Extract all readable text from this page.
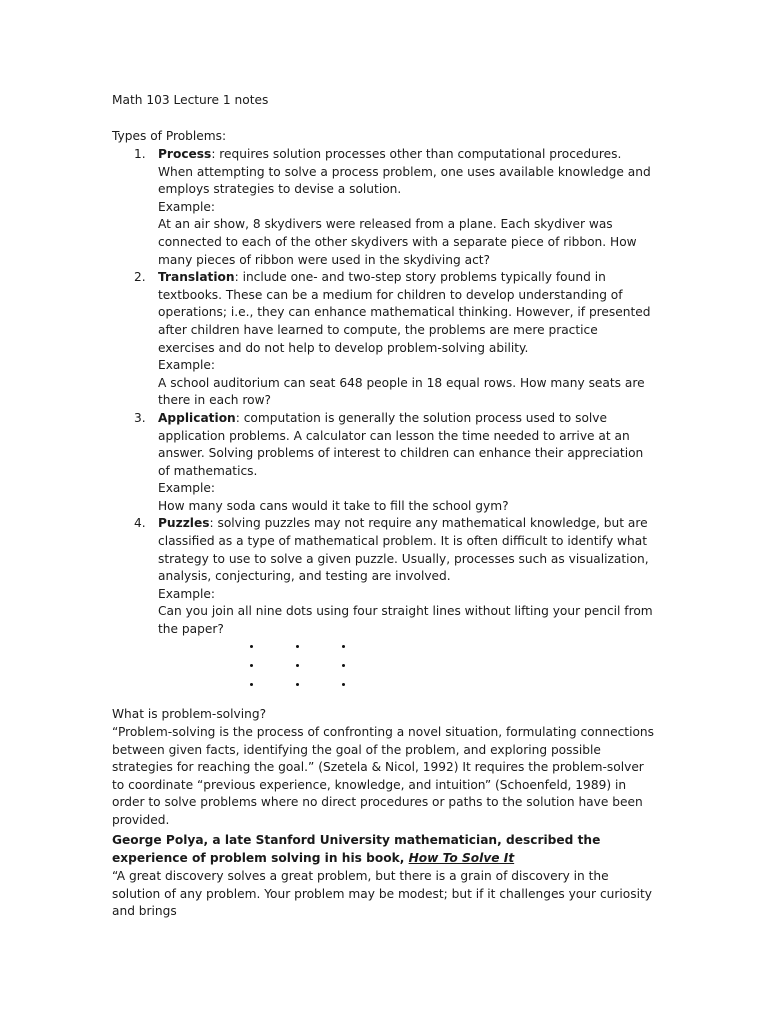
Math 103 Lecture 1 notes

Types of Problems:

1. Process: requires solution processes other than computational procedures. When attempting to solve a process problem, one uses available knowledge and employs strategies to devise a solution.

Example:

At an air show, 8 skydivers were released from a plane. Each skydiver was connected to each of the other skydivers with a separate piece of ribbon. How many pieces of ribbon were used in the skydiving act?

2. Translation: include one- and two-step story problems typically found in textbooks. These can be a medium for children to develop understanding of operations; i.e., they can enhance mathematical thinking. However, if presented after children have learned to compute, the problems are mere practice exercises and do not help to develop problem-solving ability.

Example:

A school auditorium can seat 648 people in 18 equal rows. How many seats are there in each row?

3. Application: computation is generally the solution process used to solve application problems. A calculator can lesson the time needed to arrive at an answer. Solving problems of interest to children can enhance their appreciation of mathematics.

Example:

How many soda cans would it take to fill the school gym?

4. Puzzles: solving puzzles may not require any mathematical knowledge, but are classified as a type of mathematical problem. It is often difficult to identify what strategy to use to solve a given puzzle. Usually, processes such as visualization, analysis, conjecturing, and testing are involved.

Example:

Can you join all nine dots using four straight lines without lifting your pencil from the paper?

What is problem-solving?

“Problem-solving is the process of confronting a novel situation, formulating connections between given facts, identifying the goal of the problem, and exploring possible strategies for reaching the goal.” (Szetela & Nicol, 1992) It requires the problem-solver to coordinate “previous experience, knowledge, and intuition” (Schoenfeld, 1989) in order to solve problems where no direct procedures or paths to the solution have been provided.

George Polya, a late Stanford University mathematician, described the experience of problem solving in his book, How To Solve It

“A great discovery solves a great problem, but there is a grain of discovery in the solution of any problem. Your problem may be modest; but if it challenges your curiosity and brings
